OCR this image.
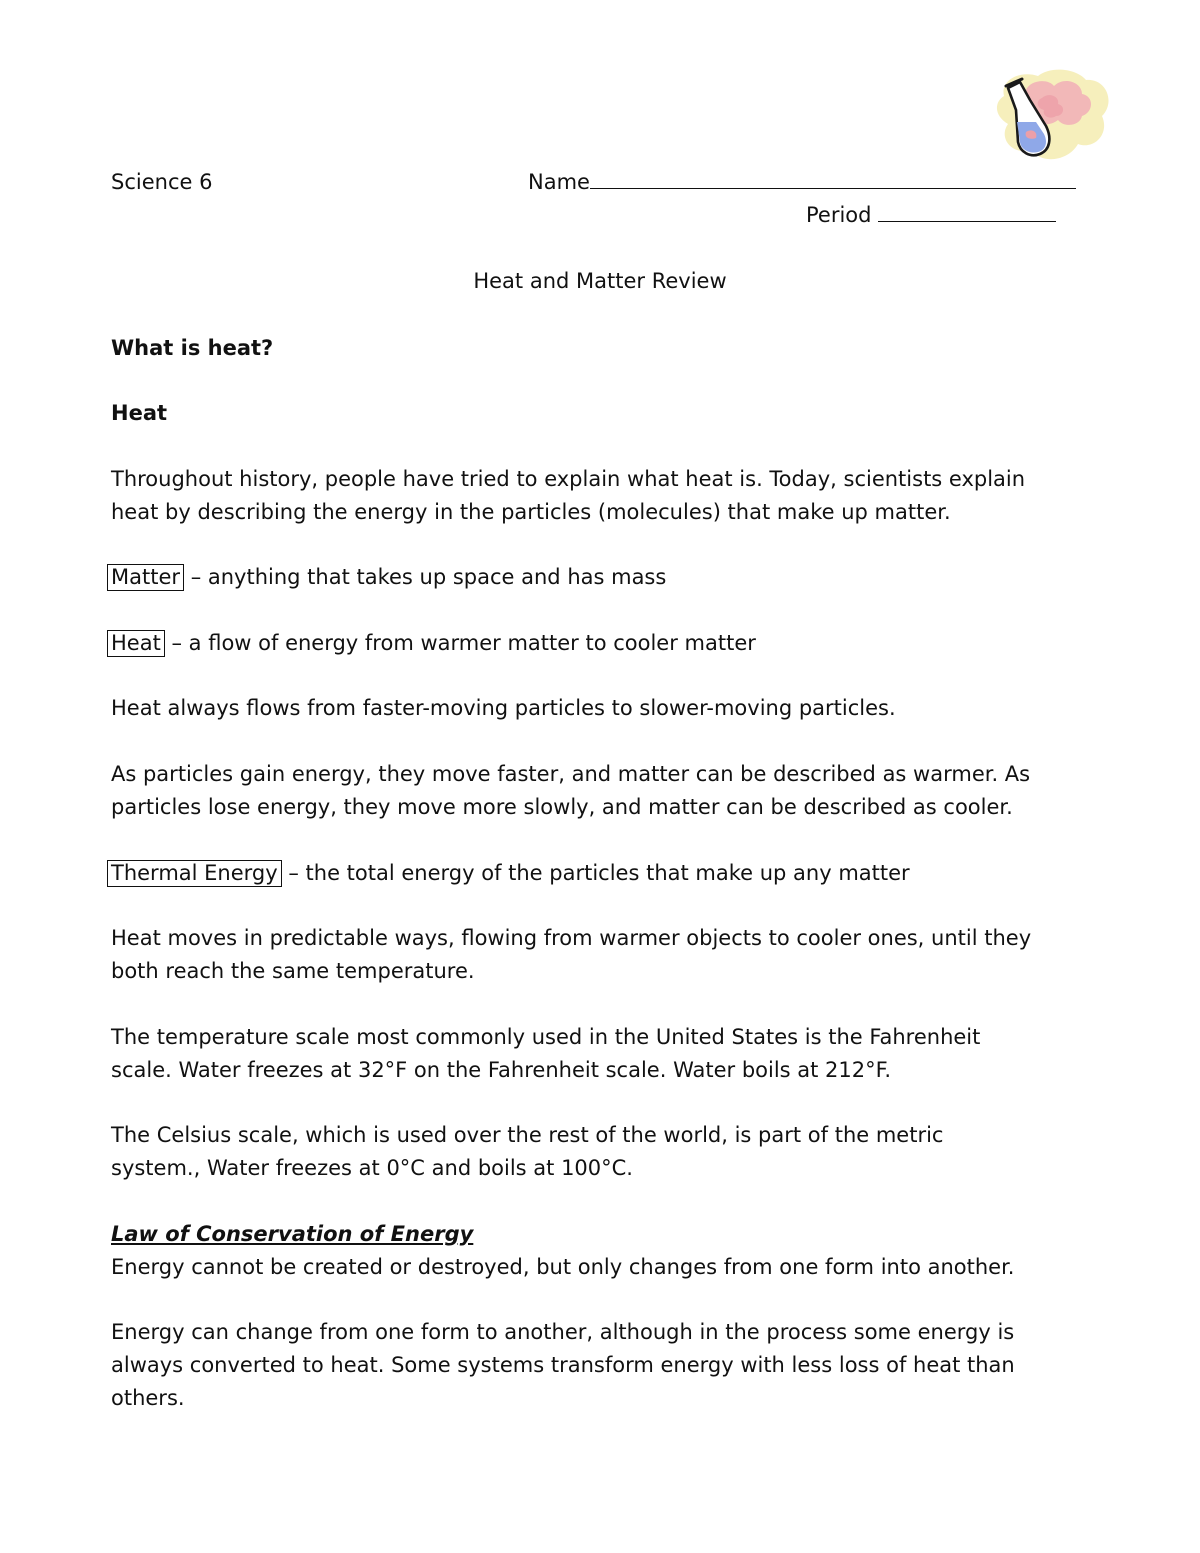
Science 6	Name
Period
Heat and Matter Review
What is heat?
Heat
Throughout history, people have tried to explain what heat is. Today, scientists explain
heat by describing the energy in the particles (molecules) that make up matter.
Matter – anything that takes up space and has mass
Heat – a flow of energy from warmer matter to cooler matter
Heat always flows from faster-moving particles to slower-moving particles.
As particles gain energy, they move faster, and matter can be described as warmer. As
particles lose energy, they move more slowly, and matter can be described as cooler.
Thermal Energy – the total energy of the particles that make up any matter
Heat moves in predictable ways, flowing from warmer objects to cooler ones, until they
both reach the same temperature.
The temperature scale most commonly used in the United States is the Fahrenheit
scale. Water freezes at 32°F on the Fahrenheit scale. Water boils at 212°F.
The Celsius scale, which is used over the rest of the world, is part of the metric
system., Water freezes at 0°C and boils at 100°C.
Law of Conservation of Energy
Energy cannot be created or destroyed, but only changes from one form into another.
Energy can change from one form to another, although in the process some energy is
always converted to heat. Some systems transform energy with less loss of heat than
others.
